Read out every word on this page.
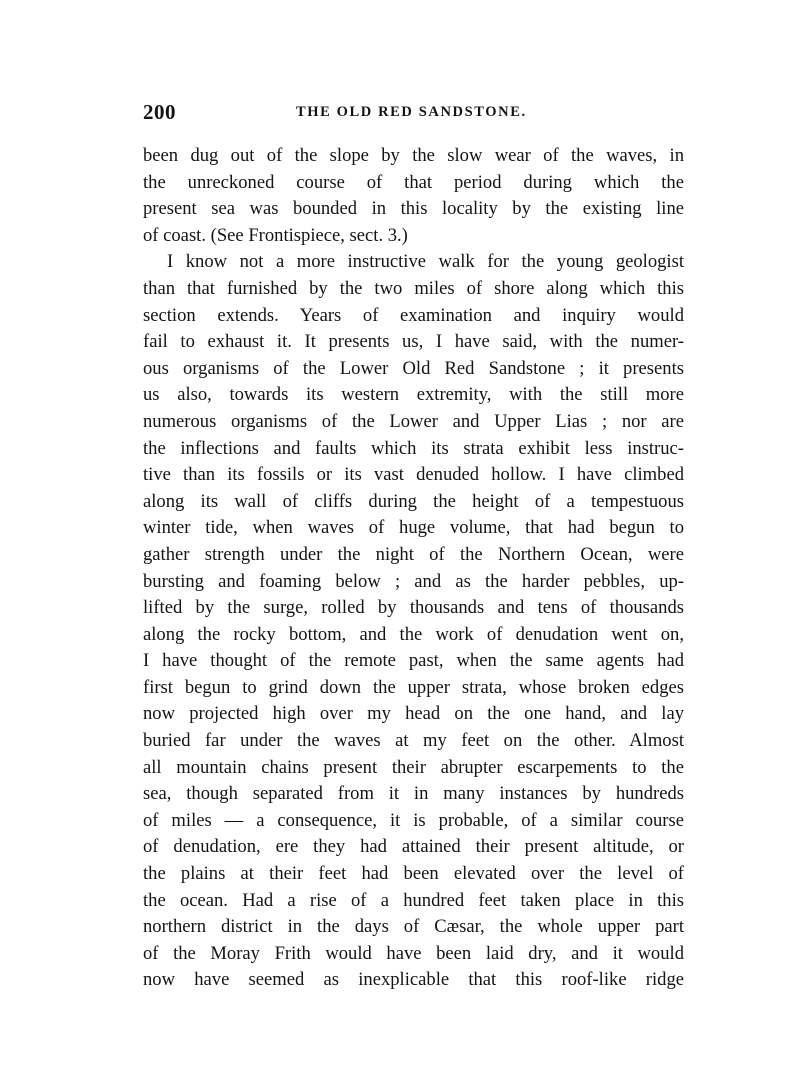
200	THE OLD RED SANDSTONE.
been dug out of the slope by the slow wear of the waves, in
the unreckoned course of that period during which the
present sea was bounded in this locality by the existing line
of coast. (See Frontispiece, sect. 3.)
I know not a more instructive walk for the young geologist
than that furnished by the two miles of shore along which this
section extends. Years of examination and inquiry would
fail to exhaust it. It presents us, I have said, with the numer-
ous organisms of the Lower Old Red Sandstone ; it presents
us also, towards its western extremity, with the still more
numerous organisms of the Lower and Upper Lias ; nor are
the inflections and faults which its strata exhibit less instruc-
tive than its fossils or its vast denuded hollow. I have climbed
along its wall of cliffs during the height of a tempestuous
winter tide, when waves of huge volume, that had begun to
gather strength under the night of the Northern Ocean, were
bursting and foaming below ; and as the harder pebbles, up-
lifted by the surge, rolled by thousands and tens of thousands
along the rocky bottom, and the work of denudation went on,
I have thought of the remote past, when the same agents had
first begun to grind down the upper strata, whose broken edges
now projected high over my head on the one hand, and lay
buried far under the waves at my feet on the other. Almost
all mountain chains present their abrupter escarpements to the
sea, though separated from it in many instances by hundreds
of miles — a consequence, it is probable, of a similar course
of denudation, ere they had attained their present altitude, or
the plains at their feet had been elevated over the level of
the ocean. Had a rise of a hundred feet taken place in this
northern district in the days of Cæsar, the whole upper part
of the Moray Frith would have been laid dry, and it would
now have seemed as inexplicable that this roof-like ridge
